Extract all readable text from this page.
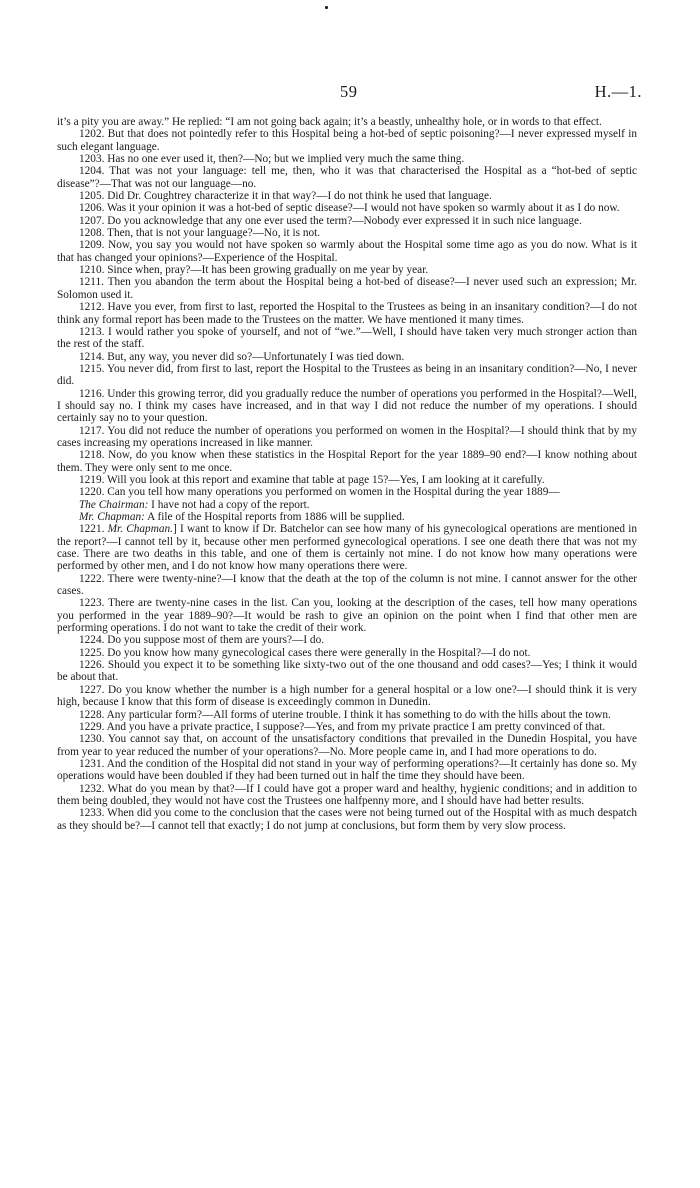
59	H.—1.

it’s a pity you are away.” He replied: “I am not going back again; it’s a beastly, unhealthy hole, or in words to that effect.

1202. But that does not pointedly refer to this Hospital being a hot-bed of septic poisoning?—I never expressed myself in such elegant language.

1203. Has no one ever used it, then?—No; but we implied very much the same thing.

1204. That was not your language: tell me, then, who it was that characterised the Hospital as a “hot-bed of septic disease”?—That was not our language—no.

1205. Did Dr. Coughtrey characterize it in that way?—I do not think he used that language.

1206. Was it your opinion it was a hot-bed of septic disease?—I would not have spoken so warmly about it as I do now.

1207. Do you acknowledge that any one ever used the term?—Nobody ever expressed it in such nice language.

1208. Then, that is not your language?—No, it is not.

1209. Now, you say you would not have spoken so warmly about the Hospital some time ago as you do now. What is it that has changed your opinions?—Experience of the Hospital.

1210. Since when, pray?—It has been growing gradually on me year by year.

1211. Then you abandon the term about the Hospital being a hot-bed of disease?—I never used such an expression; Mr. Solomon used it.

1212. Have you ever, from first to last, reported the Hospital to the Trustees as being in an insanitary condition?—I do not think any formal report has been made to the Trustees on the matter. We have mentioned it many times.

1213. I would rather you spoke of yourself, and not of “we.”—Well, I should have taken very much stronger action than the rest of the staff.

1214. But, any way, you never did so?—Unfortunately I was tied down.

1215. You never did, from first to last, report the Hospital to the Trustees as being in an insanitary condition?—No, I never did.

1216. Under this growing terror, did you gradually reduce the number of operations you performed in the Hospital?—Well, I should say no. I think my cases have increased, and in that way I did not reduce the number of my operations. I should certainly say no to your question.

1217. You did not reduce the number of operations you performed on women in the Hospital?—I should think that by my cases increasing my operations increased in like manner.

1218. Now, do you know when these statistics in the Hospital Report for the year 1889–90 end?—I know nothing about them. They were only sent to me once.

1219. Will you look at this report and examine that table at page 15?—Yes, I am looking at it carefully.

1220. Can you tell how many operations you performed on women in the Hospital during the year 1889—

The Chairman: I have not had a copy of the report.

Mr. Chapman: A file of the Hospital reports from 1886 will be supplied.

1221. Mr. Chapman.] I want to know if Dr. Batchelor can see how many of his gynecological operations are mentioned in the report?—I cannot tell by it, because other men performed gynecological operations. I see one death there that was not my case. There are two deaths in this table, and one of them is certainly not mine. I do not know how many operations were performed by other men, and I do not know how many operations there were.

1222. There were twenty-nine?—I know that the death at the top of the column is not mine. I cannot answer for the other cases.

1223. There are twenty-nine cases in the list. Can you, looking at the description of the cases, tell how many operations you performed in the year 1889–90?—It would be rash to give an opinion on the point when I find that other men are performing operations. I do not want to take the credit of their work.

1224. Do you suppose most of them are yours?—I do.

1225. Do you know how many gynecological cases there were generally in the Hospital?—I do not.

1226. Should you expect it to be something like sixty-two out of the one thousand and odd cases?—Yes; I think it would be about that.

1227. Do you know whether the number is a high number for a general hospital or a low one?—I should think it is very high, because I know that this form of disease is exceedingly common in Dunedin.

1228. Any particular form?—All forms of uterine trouble. I think it has something to do with the hills about the town.

1229. And you have a private practice, I suppose?—Yes, and from my private practice I am pretty convinced of that.

1230. You cannot say that, on account of the unsatisfactory conditions that prevailed in the Dunedin Hospital, you have from year to year reduced the number of your operations?—No. More people came in, and I had more operations to do.

1231. And the condition of the Hospital did not stand in your way of performing operations?—It certainly has done so. My operations would have been doubled if they had been turned out in half the time they should have been.

1232. What do you mean by that?—If I could have got a proper ward and healthy, hygienic conditions; and in addition to them being doubled, they would not have cost the Trustees one halfpenny more, and I should have had better results.

1233. When did you come to the conclusion that the cases were not being turned out of the Hospital with as much despatch as they should be?—I cannot tell that exactly; I do not jump at conclusions, but form them by very slow process.
